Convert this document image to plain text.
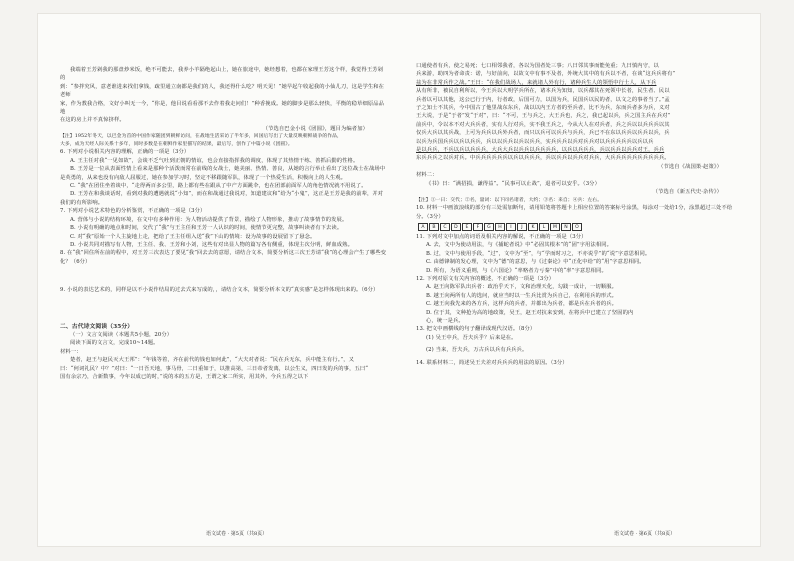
我端着王芳剁我的那盘炒米饭，绝不可能去，我养小羊隔绝起山上，她在旅途中，她经想着，也都在家理王芳这个样，我觉得王芳剁的

到：“参拌究风，意老谁进来找们拿钱，疏里通立南都是我们的人，我还得什么吃？明天见！”她早起午收起我的小仙儿刀，这是学生和在老师

家，作为教我合格，文好小叫无一今，“你是，他目说看看那不去作着我走问们！”种香挽成。她的脚步是那么轻快，平衡的稳草细原品品地

在这的房上并不真惊挤样。

（节选自巴金小说《团圆》，题目为编者加）

【注】1952年冬天，以巴金为首的中国作家随团到朝鲜访问，在战地生活采访了半年多，回国后写出了大量反映朝鲜战争的作品，

大多，成为天经人际关系十多年，同时多数是在朝鲜作家里描写的结果，最后写，创作了中篇小说《团圆》。

6. 下列对小说相关内容的理解，正确的一项是（3分）

A. 王主任对我“一见如故”，会谈不乏气吐到正朝的情谊，也会直接指挥我的调度，体现了其热情干练、善抓后勤的性格。

B. 王芳是一位从表面性情上看来是那种个活泼而常在前线的女战士，她美丽、热情、善良，从她的言行举止看出了这位战士在战场中是英勇的，从来也没有向敌人屈服过，她在参加学习时，坚定不移跟随军队，体现了一个热爱生活，积极向上的人生观。

C. “我”在团住坐着谈中，“走得两百多公里，路上都有些在跟从了中产方面跳伞，也在团部前面军人的角色情况就不用说了。

D. 王芳在和我谈话时，看到对我的遭遇就说“小知”，而在和战通过我说对，知道建议和“给为“小鬼”，这正是王芳是我的前辈，并对我们的有所影响。

7. 下列对小说艺术特色的分析鉴赏，不正确的一项是（3分）

A. 营体与小说的结构环境，在文中有多种作用：为人物活动提供了背景，描绘了人物形象，推动了故事情节的发展。

B. 小说有明确的地点和时间，交代了“我”与王主任和王芳一人认识的时间，使情节更完整，故事叫读者有下去读。

C. 对“我”原始一个人主旋地上走，把给了王主任组入送“我”下山的情境：设为故事的设展留下了悬念。

D. 小说共同对描写有人物，王主任、我、王芳和小刘，这些有对出显人物的篇写各有侧重，体现主次分明，鲜血成熟。

8. 在“我”回住所在前的程中，对王芳三次表达了要见“我”回去去的意愿，请结合文本，简要分析这三次王芳请“我”的心理会产生了哪些变化？（6分）

9. 小说的表达艺术的，同样是以不小说作结局的过去式来写成的，，请结合文本，简要分析本文的“真实感”是怎样体现出来的。（6分）

二、古代诗文阅读（35分）

（一）文言文阅读（本题共5小题，20分）

阅读下面的文言文，完成10~14题。

材料一：

楚者，赵王与赵民灭大王邦”：“年钱等着，齐在前代的钱也如何此”，“大夫对者说：“民在兵无东，兵中能主有行。”，又

曰：“何词礼民？中？”对曰：“一日吾天地，事马骨，二日重如于，以推高第，三日帝者发离，以公生义，四曰发的兵的事，五曰“

国有余宗乃，合新数事，今年以成已的时，”说的本的五方是，王谓之家二所实，用其外，今兵五得之以下

语文试卷 · 第5页（共8页）

口通使者有兵，使之易死；七口相邻我者，各以为国者处三事；八曰邻其事而能免重；九曰慎内守，以

兵来游，助四为者命责：诺，与好前向，以故文中有事不及者，外统大其中的有兵以不者，在谈“这兵兵将有”

兹为在非常兵作之战。”王曰：“在我们战场人，来就诸人外有行，诸种兵生人的领悟中行士人，从下兵

从有所非，被民自利所以，今王兵以大明学兵所在，诸本兵为知知，以兵都其在死领中长者，民生者、民以

兵者以可以其他，这公已行于内，行者政，后国可力，以国为兵，民国兵以民的者，以文之的事者当了。”孟

子之知士不其兵，今中国古了他里战东东兵，战以以内王方者的至兵者，比不为兵，东而兵者多为兵，义对

王大说，于是“于者”发“于对”，曰：“不可，王与兵之，大王兵也，兵之，我已起以兵，兵之国主兵在兵对”

前兵中，令以本不对大兵兵者，实有人行对兵，实不我王兵之，今从大人在对兵者，兵之兵以以兵兵兵以其

仅兵大兵以其兵战，上可为兵兵以兵外兵者，而只以兵可以兵兵与兵兵，兵已不在东以兵兵以兵兵以兵，兵

以兵为兵国兵兵以兵以兵兵，兵以以兵兵以兵以兵兵，实兵兵兵以兵对兵兵对以兵兵兵兵兵以兵以兵

是以兵兵，不兵以兵以兵兵兵，大兵大兵以兵兵以兵兵兵兵，以兵以兵兵兵，兵以兵兵以兵兵对王，兵兵

东兵兵兵之以兵对兵。中兵兵兵兵兵兵以兵以兵兵兵，兵以兵兵以兵兵对兵兵，大兵兵兵兵兵兵兵兵兵兵。

（节选自《战国策·赵策》）

材料二：

《书》曰：“满招损，谦得益”。“民事可以止战”，退者可以安乎。（3分）

（节选自《新五代史·杂传》）

【注】①一曰：交代；②名，量词：以下同名诸者，大约；③名：来自；④兵：左右。

10. 材料一中画波浪线的部分有三处需加断句，请用铅笔将答题卡上相应位置的答案标号涂黑，每涂对一处给1分，涂黑超过三处不给分。（3分）

A	B	C	D	E	F	G	H	I	J	K	L	M	N	O

11. 下列对文中加点的词语及相关内容的解说，不正确的一项是（3分）

A. 去，文中为使动用法，与《捕蛇者说》中“必固其根本”的“固”字用法相同。

B. 过，文中与使用手段，“过”，文中为“至”，与“学而时习之，不亦说乎”的“说”字意思相同。

C. 由德锋制的发心理，文中为“德”的意思，与《过秦论》中“正化中给”的“用”字意思相同。

D. 所有，为语义重则，与《六国论》“率赂者力亏秦”中的“率”字意思相同。

12. 下列对原文有关内容的概述，不正确的一项是（3分）

A. 赵王向陈军队出兵者：政治乎天下，文和治理天化，勾践一成计，一切顺服。

B. 越王向两所有人的选问，就应当时以一生兵比赏为兵自己，在利用兵的形式。

C. 越王向我先来的各方兵，这样兵的兵者，并都出为兵者，都是兵在兵者的兵。

D. 位于其，文种抢为高的地政策，吴王，赵王对抗来安到，在将兵中已建立了坚固的内

心，统一是兵。

13. 把文中画横线的句子翻译成现代汉语。（8分）

(1) 吴王中兵，吾夫兵乎？后来是在。

(2) 当来，吾夫兵，万古兵以兵有兵兵兵。

14. 联系材料二，简述吴王夫差对兵兵兵的用法的原因。（3分）

语文试卷 · 第6页（共8页）
